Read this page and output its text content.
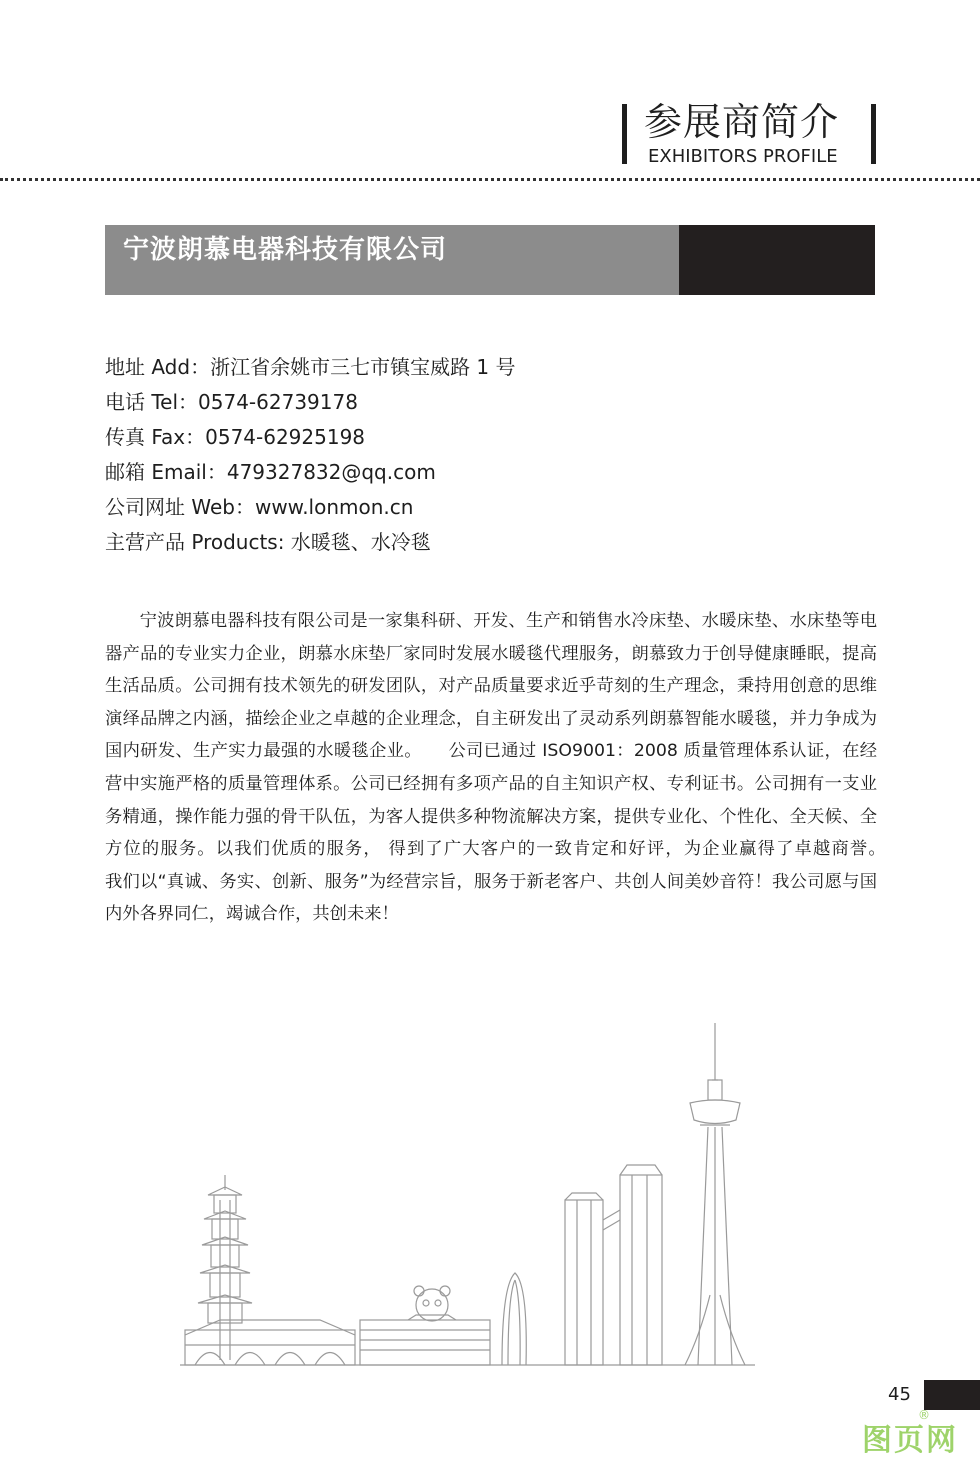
参展商简介
EXHIBITORS PROFILE
宁波朗慕电器科技有限公司
地址 Add：浙江省余姚市三七市镇宝威路 1 号
电话 Tel：0574-62739178
传真 Fax：0574-62925198
邮箱 Email：479327832@qq.com
公司网址 Web：www.lonmon.cn
主营产品 Products: 水暖毯、水冷毯

宁波朗慕电器科技有限公司是一家集科研、开发、生产和销售水冷床垫、水暖床垫、水床垫等电器产品的专业实力企业，朗慕水床垫厂家同时发展水暖毯代理服务，朗慕致力于创导健康睡眠，提高生活品质。公司拥有技术领先的研发团队，对产品质量要求近乎苛刻的生产理念，秉持用创意的思维演绎品牌之内涵，描绘企业之卓越的企业理念，自主研发出了灵动系列朗慕智能水暖毯，并力争成为国内研发、生产实力最强的水暖毯企业。　　公司已通过 ISO9001：2008 质量管理体系认证，在经营中实施严格的质量管理体系。公司已经拥有多项产品的自主知识产权、专利证书。公司拥有一支业务精通，操作能力强的骨干队伍，为客人提供多种物流解决方案，提供专业化、个性化、全天候、全方位的服务。以我们优质的服务， 得到了广大客户的一致肯定和好评，为企业赢得了卓越商誉。　　我们以“真诚、务实、创新、服务”为经营宗旨，服务于新老客户、共创人间美妙音符！我公司愿与国内外各界同仁，竭诚合作，共创未来！

45
图页网
®
